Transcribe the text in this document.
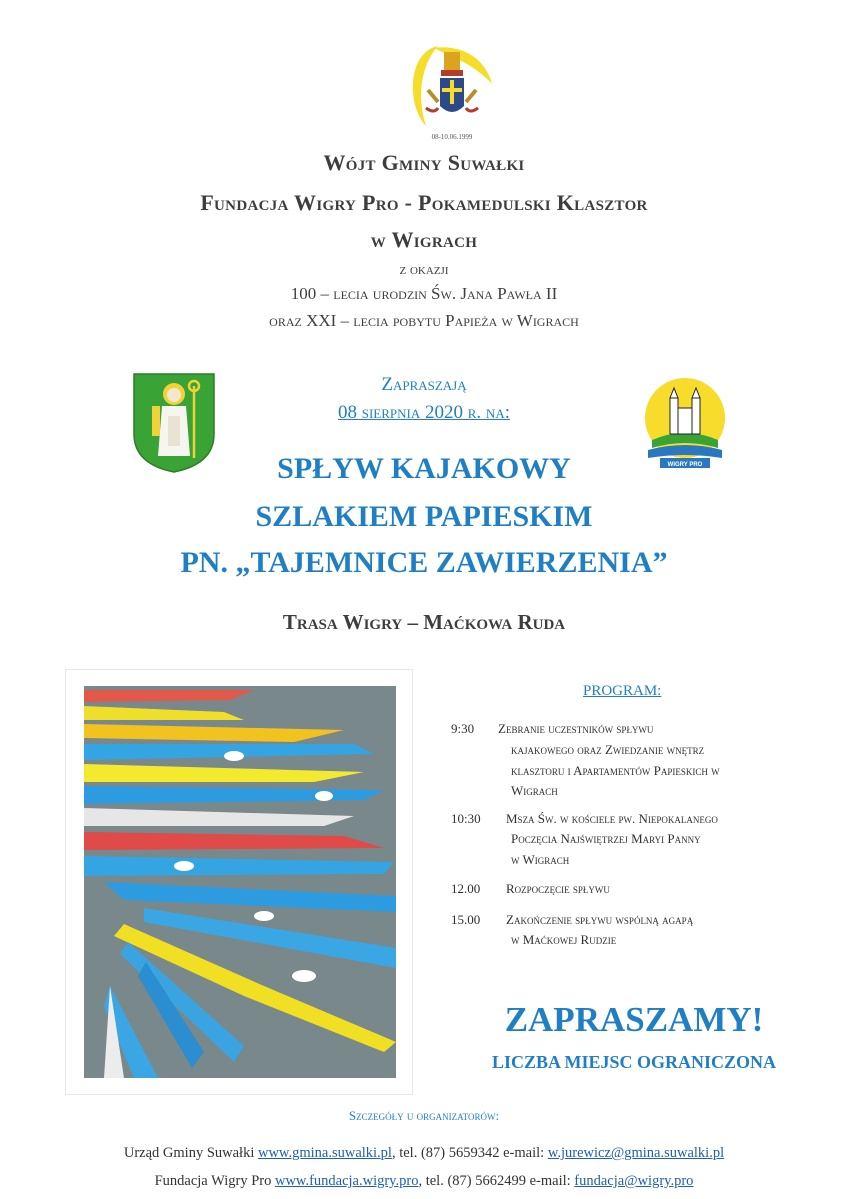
08-10.06.1999
Wójt Gminy Suwałki
Fundacja Wigry Pro - Pokamedulski Klasztor
w Wigrach
z okazji
100 – lecia urodzin Św. Jana Pawła II
oraz XXI – lecia pobytu Papieża w Wigrach
Zapraszają
08 sierpnia 2020 r. na:
WIGRY PRO
SPŁYW KAJAKOWY
SZLAKIEM PAPIESKIM
PN. „TAJEMNICE ZAWIERZENIA”
Trasa Wigry – Maćkowa Ruda
PROGRAM:
9:30 Zebranie uczestników spływu
kajakowego oraz Zwiedzanie wnętrz
klasztoru i Apartamentów Papieskich w
Wigrach
10:30 Msza Św. w kościele pw. Niepokalanego
Poczęcia Najświętrzej Maryi Panny
w Wigrach
12.00 Rozpoczęcie spływu
15.00 Zakończenie spływu wspólną agapą
w Maćkowej Rudzie
ZAPRASZAMY!
LICZBA MIEJSC OGRANICZONA
Szczegóły u organizatorów:
Urząd Gminy Suwałki www.gmina.suwalki.pl, tel. (87) 5659342 e-mail: w.jurewicz@gmina.suwalki.pl
Fundacja Wigry Pro www.fundacja.wigry.pro, tel. (87) 5662499 e-mail: fundacja@wigry.pro
